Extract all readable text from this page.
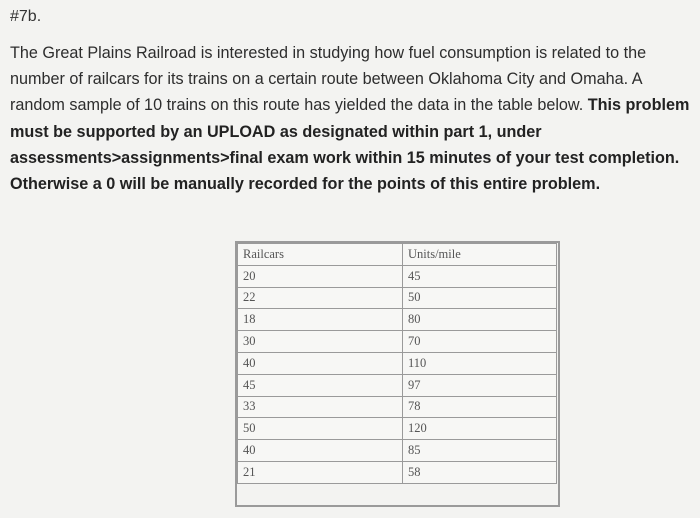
#7b.

The Great Plains Railroad is interested in studying how fuel consumption is related to the number of railcars for its trains on a certain route between Oklahoma City and Omaha. A random sample of 10 trains on this route has yielded the data in the table below. This problem must be supported by an UPLOAD as designated within part 1, under assessments>assignments>final exam work within 15 minutes of your test completion. Otherwise a 0 will be manually recorded for the points of this entire problem.

Railcars	Units/mile
20	45
22	50
18	80
30	70
40	110
45	97
33	78
50	120
40	85
21	58
